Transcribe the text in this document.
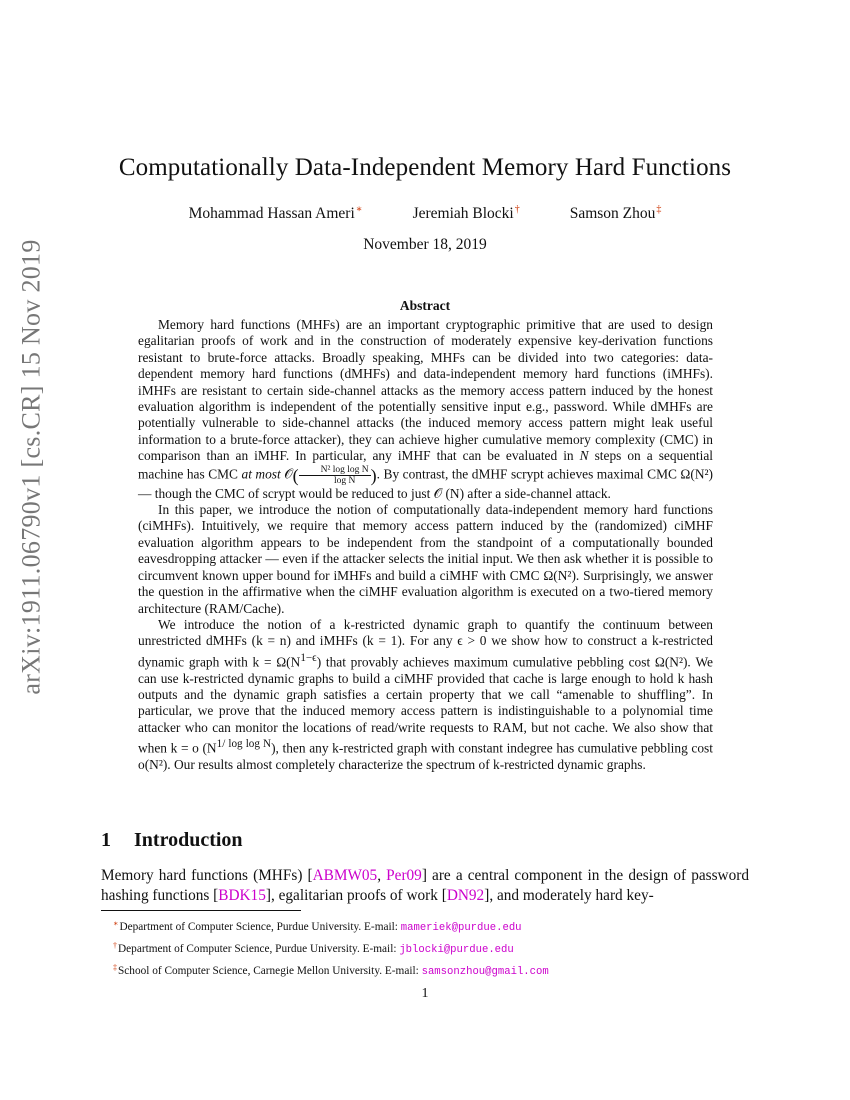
arXiv:1911.06790v1 [cs.CR] 15 Nov 2019
Computationally Data-Independent Memory Hard Functions
Mohammad Hassan Ameri∗	Jeremiah Blocki†	Samson Zhou‡
November 18, 2019
Abstract

Memory hard functions (MHFs) are an important cryptographic primitive that are used to design egalitarian proofs of work and in the construction of moderately expensive key-derivation functions resistant to brute-force attacks. Broadly speaking, MHFs can be divided into two categories: data-dependent memory hard functions (dMHFs) and data-independent memory hard functions (iMHFs). iMHFs are resistant to certain side-channel attacks as the memory access pattern induced by the honest evaluation algorithm is independent of the potentially sensitive input e.g., password. While dMHFs are potentially vulnerable to side-channel attacks (the induced memory access pattern might leak useful information to a brute-force attacker), they can achieve higher cumulative memory complexity (CMC) in comparison than an iMHF. In particular, any iMHF that can be evaluated in N steps on a sequential machine has CMC at most 𝒪( $\frac{\text{N² log log N}}{\text{log N}}$ ). By contrast, the dMHF scrypt achieves maximal CMC Ω(N²) — though the CMC of scrypt would be reduced to just 𝒪 (N) after a side-channel attack.

In this paper, we introduce the notion of computationally data-independent memory hard functions (ciMHFs). Intuitively, we require that memory access pattern induced by the (randomized) ciMHF evaluation algorithm appears to be independent from the standpoint of a computationally bounded eavesdropping attacker — even if the attacker selects the initial input. We then ask whether it is possible to circumvent known upper bound for iMHFs and build a ciMHF with CMC Ω(N²). Surprisingly, we answer the question in the affirmative when the ciMHF evaluation algorithm is executed on a two-tiered memory architecture (RAM/Cache).

We introduce the notion of a k-restricted dynamic graph to quantify the continuum between unrestricted dMHFs (k = n) and iMHFs (k = 1). For any ϵ > 0 we show how to construct a k-restricted dynamic graph with $k = \Omega(N^{1-\epsilon})$ that provably achieves maximum cumulative pebbling cost Ω(N²). We can use k-restricted dynamic graphs to build a ciMHF provided that cache is large enough to hold k hash outputs and the dynamic graph satisfies a certain property that we call “amenable to shuffling”. In particular, we prove that the induced memory access pattern is indistinguishable to a polynomial time attacker who can monitor the locations of read/write requests to RAM, but not cache. We also show that when k = o $(N^{1/ log log N})$, then any k-restricted graph with constant indegree has cumulative pebbling cost o(N²). Our results almost completely characterize the spectrum of k-restricted dynamic graphs.

1 Introduction

Memory hard functions (MHFs) [ABMW05, Per09] are a central component in the design of password hashing functions [BDK15], egalitarian proofs of work [DN92], and moderately hard key-

∗Department of Computer Science, Purdue University. E-mail: mameriek@purdue.edu
†Department of Computer Science, Purdue University. E-mail: jblocki@purdue.edu
‡School of Computer Science, Carnegie Mellon University. E-mail: samsonzhou@gmail.com
1
